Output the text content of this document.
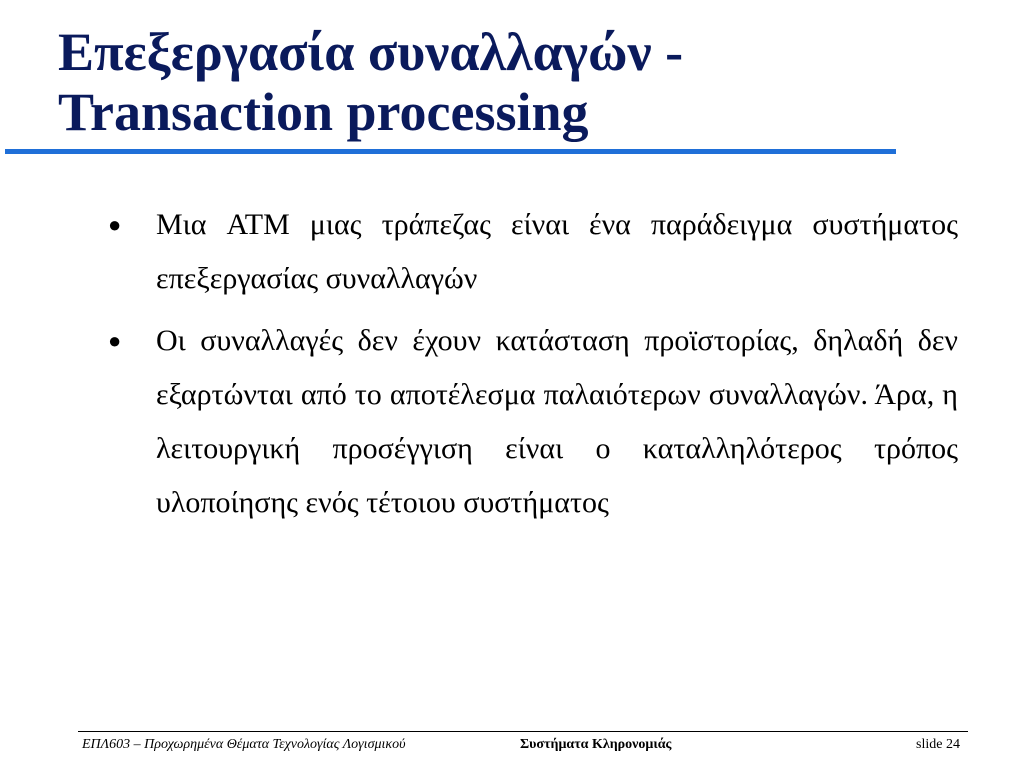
Επεξεργασία συναλλαγών -
Transaction processing
● Μια ATM μιας τράπεζας είναι ένα παράδειγμα συστήματος επεξεργασίας συναλλαγών
● Οι συναλλαγές δεν έχουν κατάσταση προϊστορίας, δηλαδή δεν εξαρτώνται από το αποτέλεσμα παλαιότερων συναλλαγών. Άρα, η λειτουργική προσέγγιση είναι ο καταλληλότερος τρόπος υλοποίησης ενός τέτοιου συστήματος
ΕΠΛ603 – Προχωρημένα Θέματα Τεχνολογίας Λογισμικού	Συστήματα Κληρονομιάς	slide 24
